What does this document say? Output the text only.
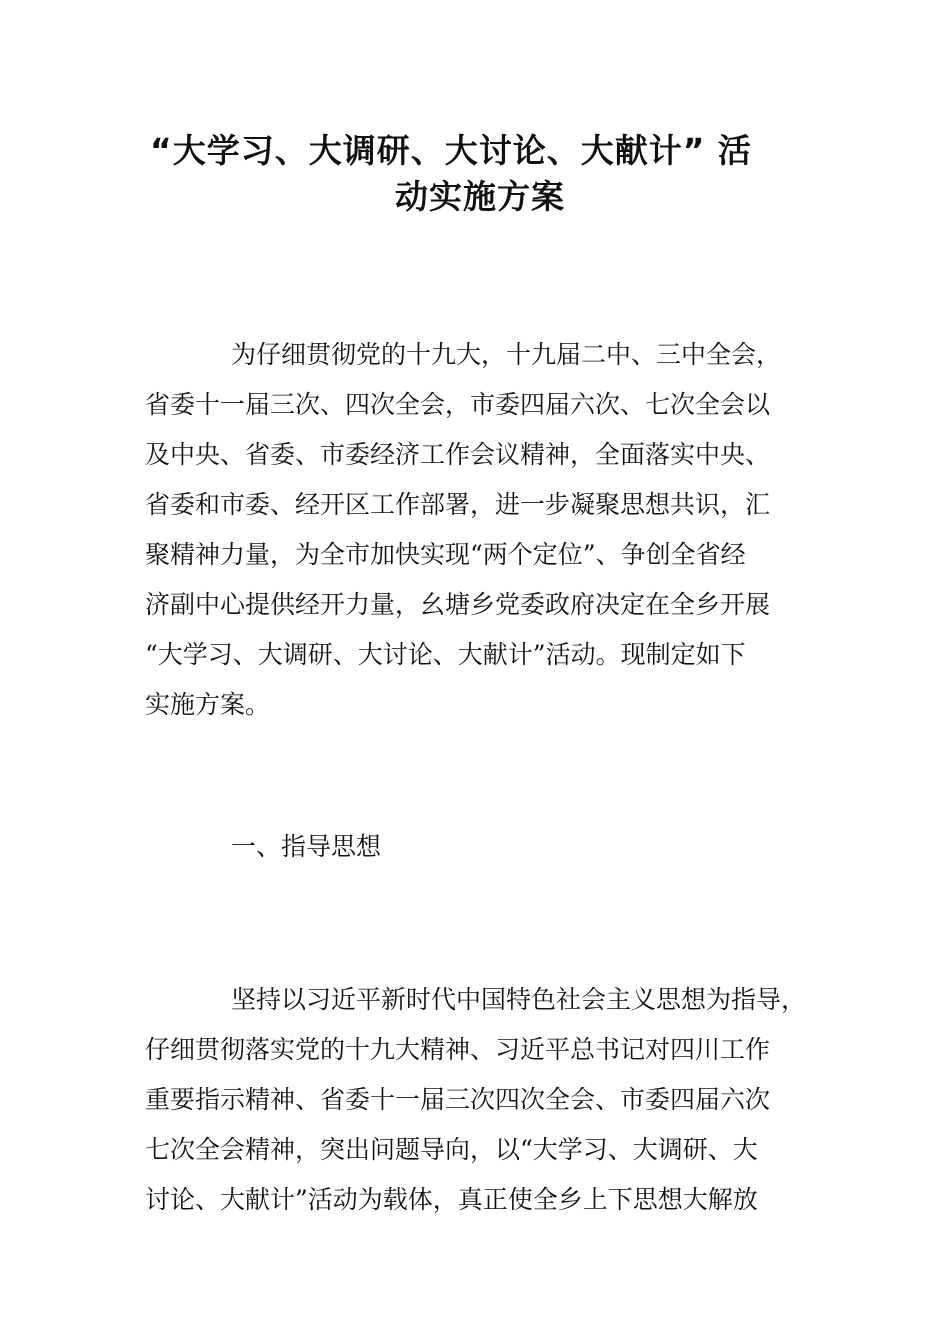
“大学习、大调研、大讨论、大献计” 活
动实施方案

为仔细贯彻党的十九大，十九届二中、三中全会，
省委十一届三次、四次全会，市委四届六次、七次全会以
及中央、省委、市委经济工作会议精神，全面落实中央、
省委和市委、经开区工作部署，进一步凝聚思想共识，汇
聚精神力量，为全市加快实现“两个定位”、争创全省经
济副中心提供经开力量，幺塘乡党委政府决定在全乡开展
“大学习、大调研、大讨论、大献计”活动。现制定如下
实施方案。

一、指导思想

坚持以习近平新时代中国特色社会主义思想为指导，
仔细贯彻落实党的十九大精神、习近平总书记对四川工作
重要指示精神、省委十一届三次四次全会、市委四届六次
七次全会精神，突出问题导向，以“大学习、大调研、大
讨论、大献计”活动为载体，真正使全乡上下思想大解放
